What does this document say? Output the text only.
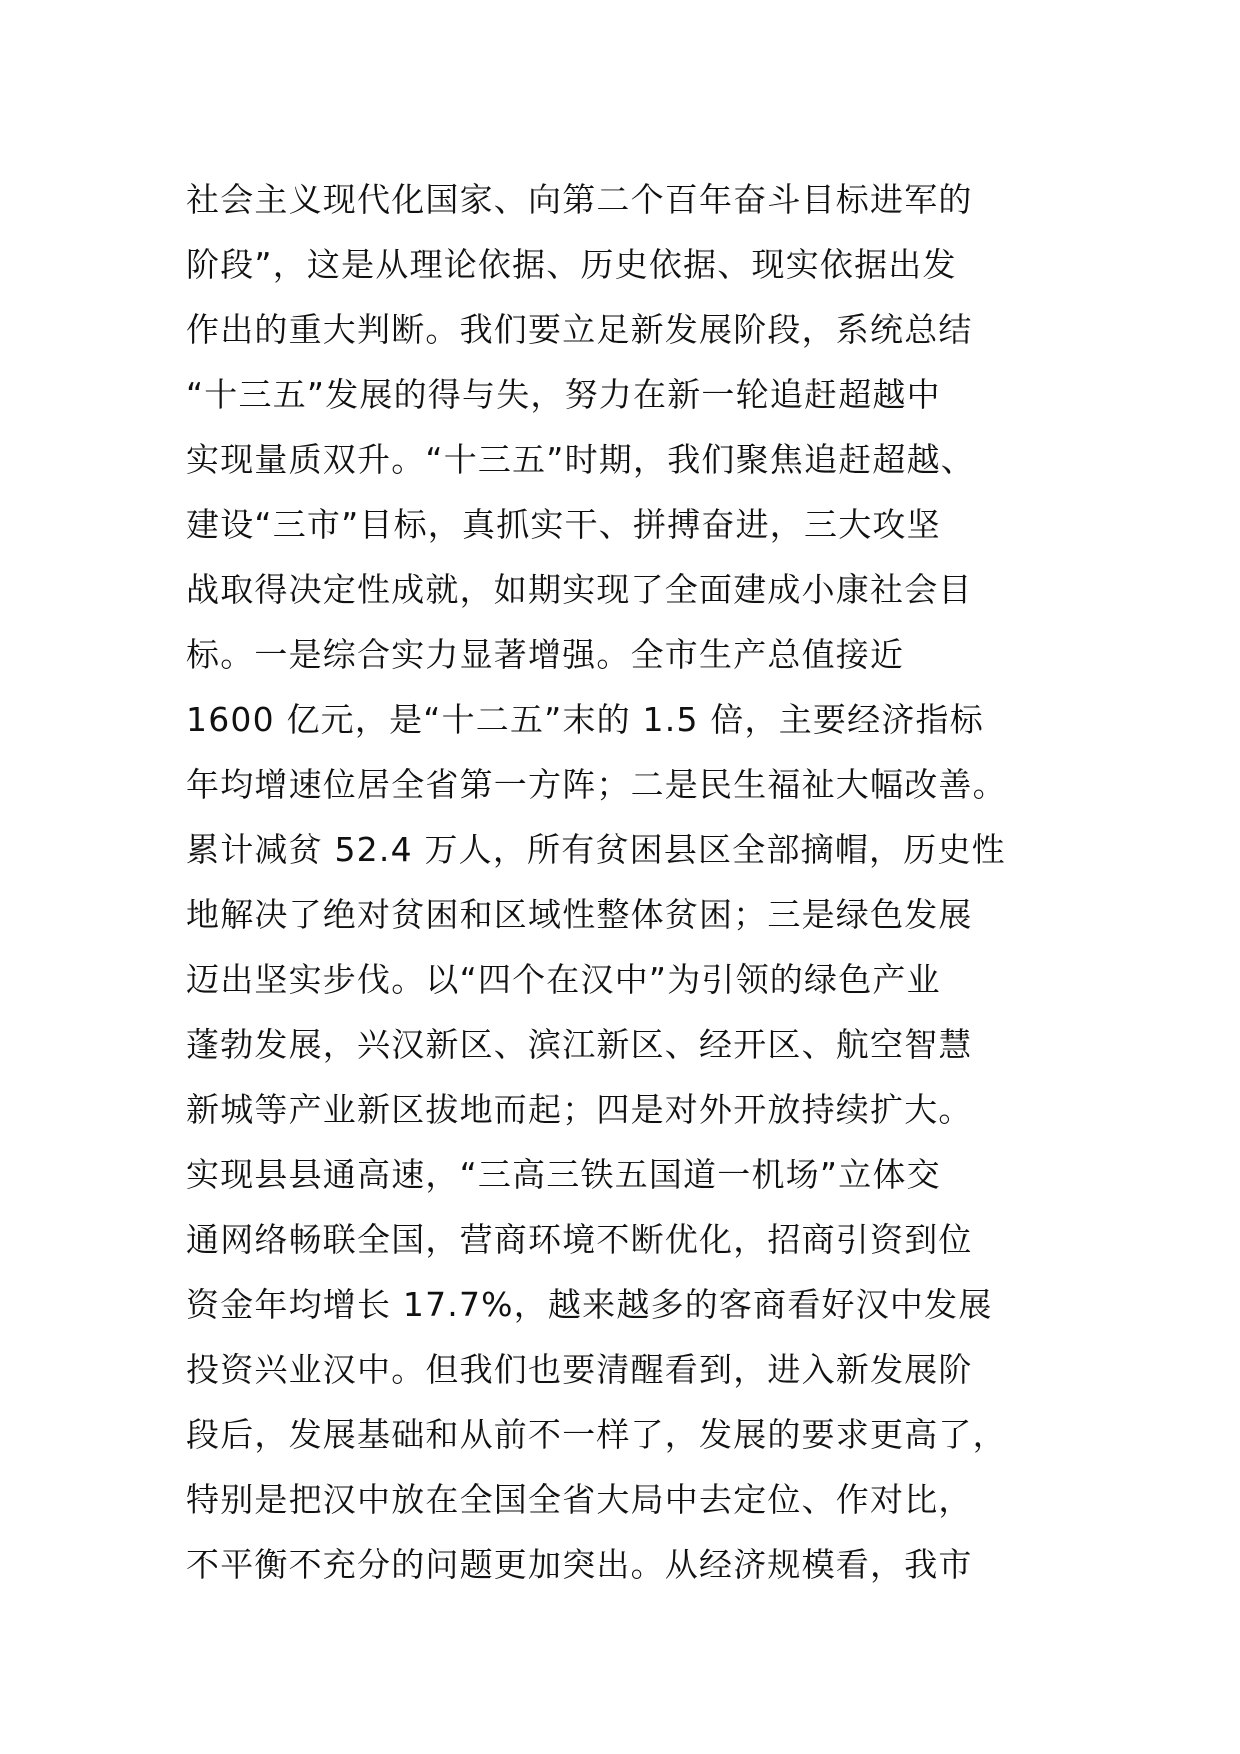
社会主义现代化国家、向第二个百年奋斗目标进军的
阶段”，这是从理论依据、历史依据、现实依据出发
作出的重大判断。我们要立足新发展阶段，系统总结
“十三五”发展的得与失，努力在新一轮追赶超越中
实现量质双升。“十三五”时期，我们聚焦追赶超越、
建设“三市”目标，真抓实干、拼搏奋进，三大攻坚
战取得决定性成就，如期实现了全面建成小康社会目
标。一是综合实力显著增强。全市生产总值接近
1600 亿元，是“十二五”末的 1.5 倍，主要经济指标
年均增速位居全省第一方阵；二是民生福祉大幅改善。
累计减贫 52.4 万人，所有贫困县区全部摘帽，历史性
地解决了绝对贫困和区域性整体贫困；三是绿色发展
迈出坚实步伐。以“四个在汉中”为引领的绿色产业
蓬勃发展，兴汉新区、滨江新区、经开区、航空智慧
新城等产业新区拔地而起；四是对外开放持续扩大。
实现县县通高速，“三高三铁五国道一机场”立体交
通网络畅联全国，营商环境不断优化，招商引资到位
资金年均增长 17.7%，越来越多的客商看好汉中发展
投资兴业汉中。但我们也要清醒看到，进入新发展阶
段后，发展基础和从前不一样了，发展的要求更高了，
特别是把汉中放在全国全省大局中去定位、作对比，
不平衡不充分的问题更加突出。从经济规模看，我市
